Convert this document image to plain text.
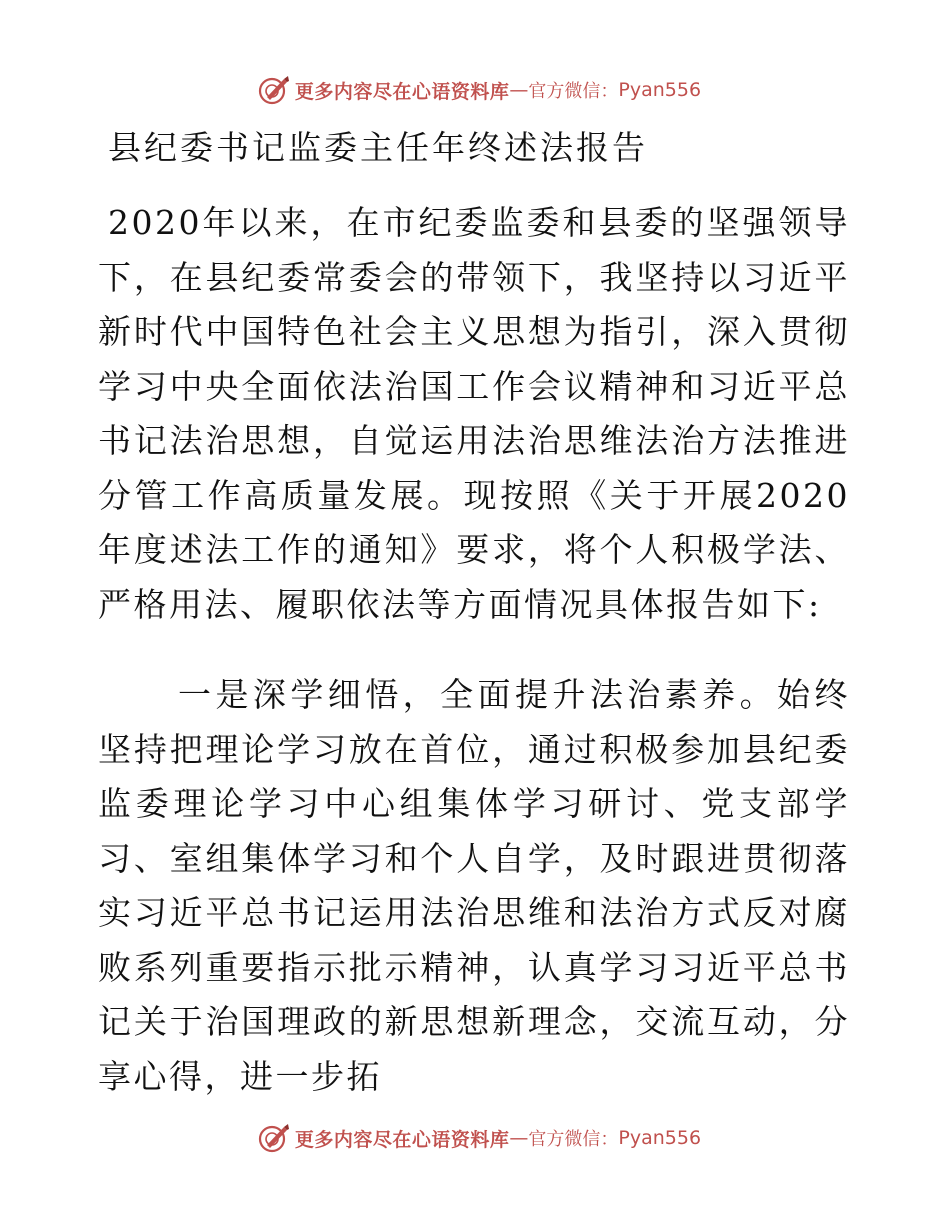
更多内容尽在心语资料库 — 官方微信： Pyan556
县纪委书记监委主任年终述法报告

2020年以来，在市纪委监委和县委的坚强领导下，在县纪委常委会的带领下，我坚持以习近平新时代中国特色社会主义思想为指引，深入贯彻学习中央全面依法治国工作会议精神和习近平总书记法治思想，自觉运用法治思维法治方法推进分管工作高质量发展。现按照《关于开展2020年度述法工作的通知》要求，将个人积极学法、严格用法、履职依法等方面情况具体报告如下:

一是深学细悟，全面提升法治素养。始终坚持把理论学习放在首位，通过积极参加县纪委监委理论学习中心组集体学习研讨、党支部学习、室组集体学习和个人自学，及时跟进贯彻落实习近平总书记运用法治思维和法治方式反对腐败系列重要指示批示精神，认真学习习近平总书记关于治国理政的新思想新理念，交流互动，分享心得，进一步拓

更多内容尽在心语资料库 — 官方微信： Pyan556
